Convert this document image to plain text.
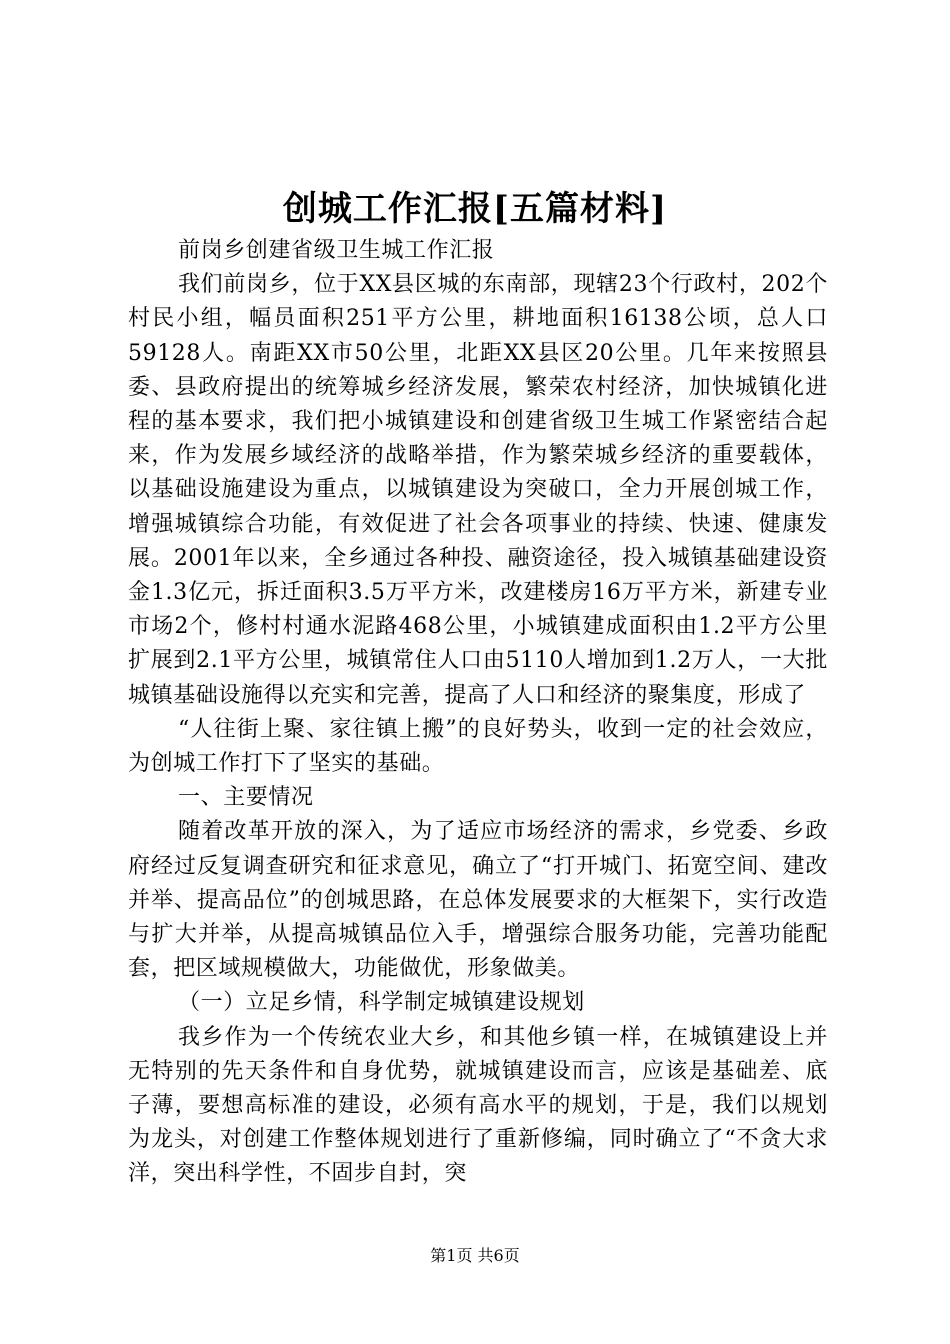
创城工作汇报[五篇材料]

前岗乡创建省级卫生城工作汇报

我们前岗乡，位于XX县区城的东南部，现辖23个行政村，202个村民小组，幅员面积251平方公里，耕地面积16138公顷，总人口59128人。南距XX市50公里，北距XX县区20公里。几年来按照县委、县政府提出的统筹城乡经济发展，繁荣农村经济，加快城镇化进程的基本要求，我们把小城镇建设和创建省级卫生城工作紧密结合起来，作为发展乡域经济的战略举措，作为繁荣城乡经济的重要载体，以基础设施建设为重点，以城镇建设为突破口，全力开展创城工作，增强城镇综合功能，有效促进了社会各项事业的持续、快速、健康发展。2001年以来，全乡通过各种投、融资途径，投入城镇基础建设资金1.3亿元，拆迁面积3.5万平方米，改建楼房16万平方米，新建专业市场2个，修村村通水泥路468公里，小城镇建成面积由1.2平方公里扩展到2.1平方公里，城镇常住人口由5110人增加到1.2万人，一大批城镇基础设施得以充实和完善，提高了人口和经济的聚集度，形成了

“人往街上聚、家往镇上搬”的良好势头，收到一定的社会效应，为创城工作打下了坚实的基础。

一、主要情况

随着改革开放的深入，为了适应市场经济的需求，乡党委、乡政府经过反复调查研究和征求意见，确立了“打开城门、拓宽空间、建改并举、提高品位”的创城思路，在总体发展要求的大框架下，实行改造与扩大并举，从提高城镇品位入手，增强综合服务功能，完善功能配套，把区域规模做大，功能做优，形象做美。

（一）立足乡情，科学制定城镇建设规划

我乡作为一个传统农业大乡，和其他乡镇一样，在城镇建设上并无特别的先天条件和自身优势，就城镇建设而言，应该是基础差、底子薄，要想高标准的建设，必须有高水平的规划，于是，我们以规划为龙头，对创建工作整体规划进行了重新修编，同时确立了“不贪大求洋，突出科学性，不固步自封，突

第1页 共6页
